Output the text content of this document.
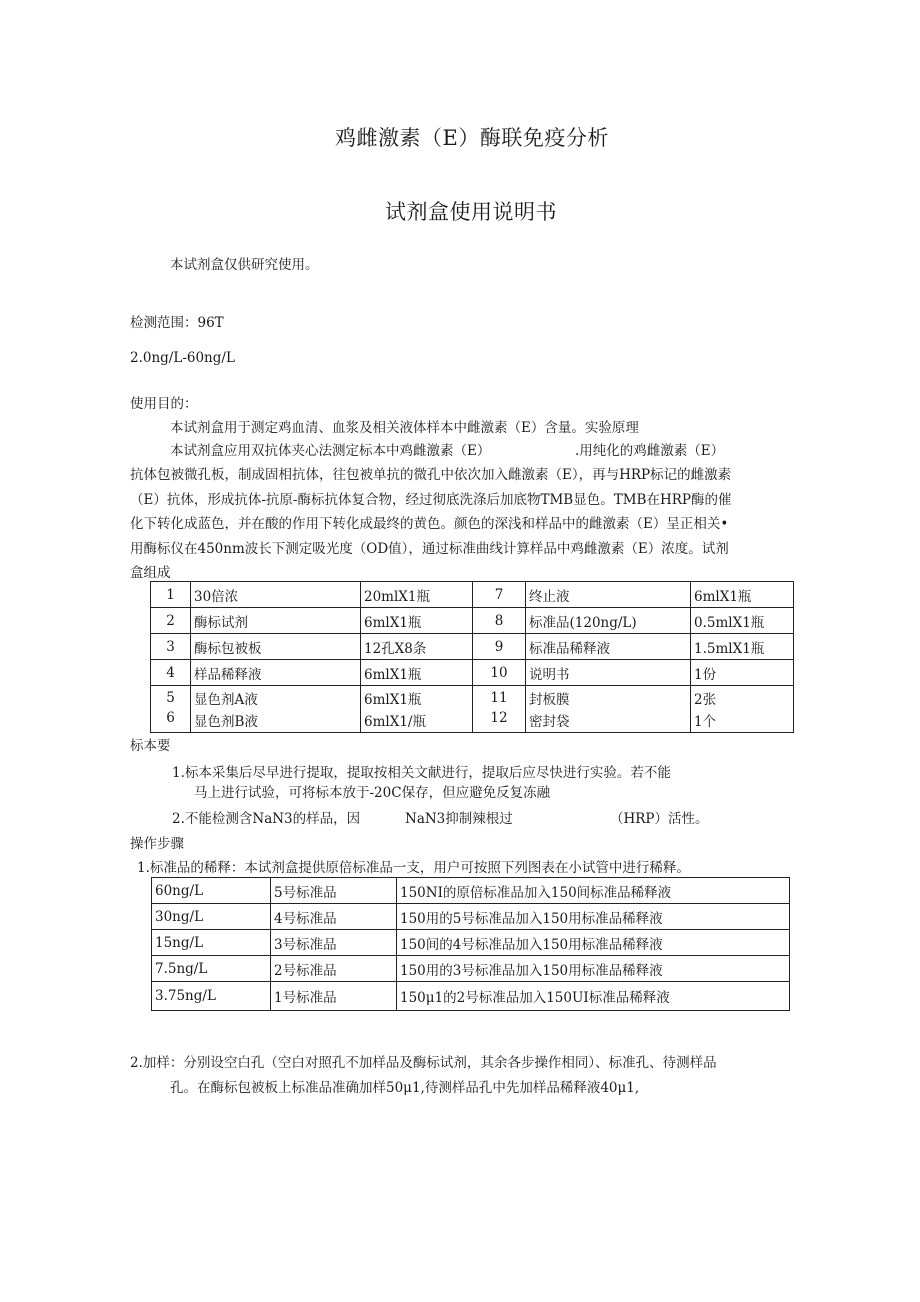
鸡雌激素（E）酶联免疫分析
试剂盒使用说明书
本试剂盒仅供研究使用。
检测范围：96T
2.0ng/L-60ng/L
使用目的：
本试剂盒用于测定鸡血清、血浆及相关液体样本中雌激素（E）含量。实验原理
本试剂盒应用双抗体夹心法测定标本中鸡雌激素（E）	.用纯化的鸡雌激素（E）
抗体包被微孔板，制成固相抗体，往包被单抗的微孔中依次加入雌激素（E），再与HRP标记的雌激素
（E）抗体，形成抗体-抗原-酶标抗体复合物，经过彻底洗涤后加底物TMB显色。TMB在HRP酶的催
化下转化成蓝色，并在酸的作用下转化成最终的黄色。颜色的深浅和样品中的雌激素（E）呈正相关•
用酶标仪在450nm波长下测定吸光度（OD值），通过标准曲线计算样品中鸡雌激素（E）浓度。试剂
盒组成
1	30倍浓	20mlX1瓶	7	终止液	6mlX1瓶
2	酶标试剂	6mlX1瓶	8	标准品(120ng/L)	0.5mlX1瓶
3	酶标包被板	12孔X8条	9	标准品稀释液	1.5mlX1瓶
4	样品稀释液	6mlX1瓶	10	说明书	1份
5	显色剂A液	6mlX1瓶	11	封板膜	2张
6	显色剂B液	6mlX1/瓶	12	密封袋	1个
标本要
1.标本采集后尽早进行提取，提取按相关文献进行，提取后应尽快进行实验。若不能
马上进行试验，可将标本放于-20C保存，但应避免反复冻融
2.不能检测含NaN3的样品，因	NaN3抑制辣根过	（HRP）活性。
操作步骤
1.标准品的稀释：本试剂盒提供原倍标准品一支，用户可按照下列图表在小试管中进行稀释。
60ng/L	5号标准品	150NI的原倍标准品加入150间标准品稀释液
30ng/L	4号标准品	150用的5号标准品加入150用标准品稀释液
15ng/L	3号标准品	150间的4号标准品加入150用标准品稀释液
7.5ng/L	2号标准品	150用的3号标准品加入150用标准品稀释液
3.75ng/L	1号标准品	150μ1的2号标准品加入150UI标准品稀释液
2.加样：分别设空白孔（空白对照孔不加样品及酶标试剂，其余各步操作相同）、标准孔、待测样品
孔。在酶标包被板上标准品准确加样50μ1,待测样品孔中先加样品稀释液40μ1,
